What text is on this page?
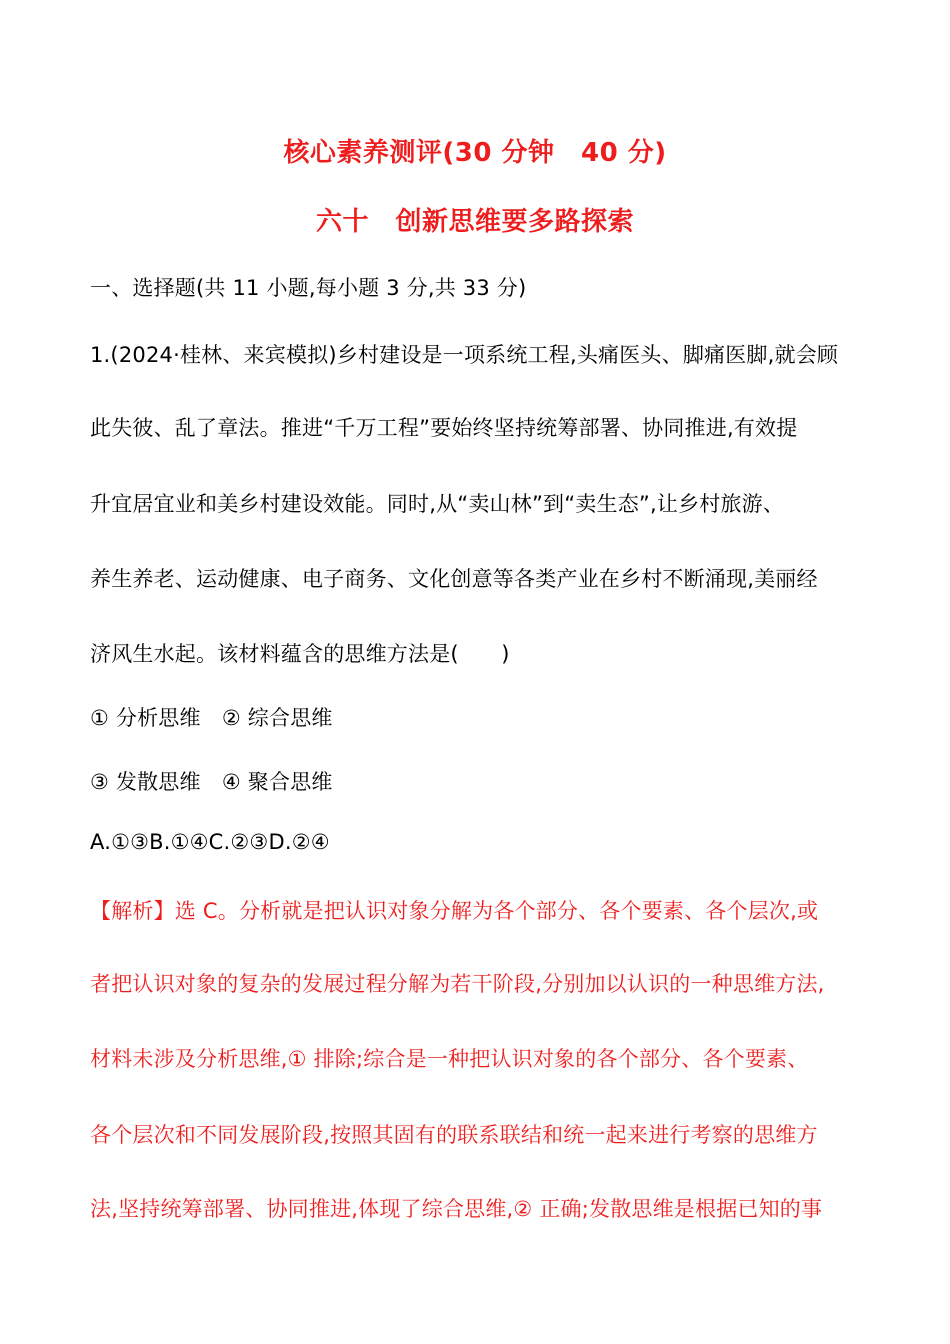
核心素养测评(30 分钟　40 分)
六十　创新思维要多路探索
一、选择题(共 11 小题,每小题 3 分,共 33 分)
1.(2024·桂林、来宾模拟)乡村建设是一项系统工程,头痛医头、脚痛医脚,就会顾
此失彼、乱了章法。推进“千万工程”要始终坚持统筹部署、协同推进,有效提
升宜居宜业和美乡村建设效能。同时,从“卖山林”到“卖生态”,让乡村旅游、
养生养老、运动健康、电子商务、文化创意等各类产业在乡村不断涌现,美丽经
济风生水起。该材料蕴含的思维方法是(　　)
① 分析思维　② 综合思维
③ 发散思维　④ 聚合思维
A.①③B.①④C.②③D.②④
【解析】选 C。分析就是把认识对象分解为各个部分、各个要素、各个层次,或
者把认识对象的复杂的发展过程分解为若干阶段,分别加以认识的一种思维方法,
材料未涉及分析思维,① 排除;综合是一种把认识对象的各个部分、各个要素、
各个层次和不同发展阶段,按照其固有的联系联结和统一起来进行考察的思维方
法,坚持统筹部署、协同推进,体现了综合思维,② 正确;发散思维是根据已知的事
